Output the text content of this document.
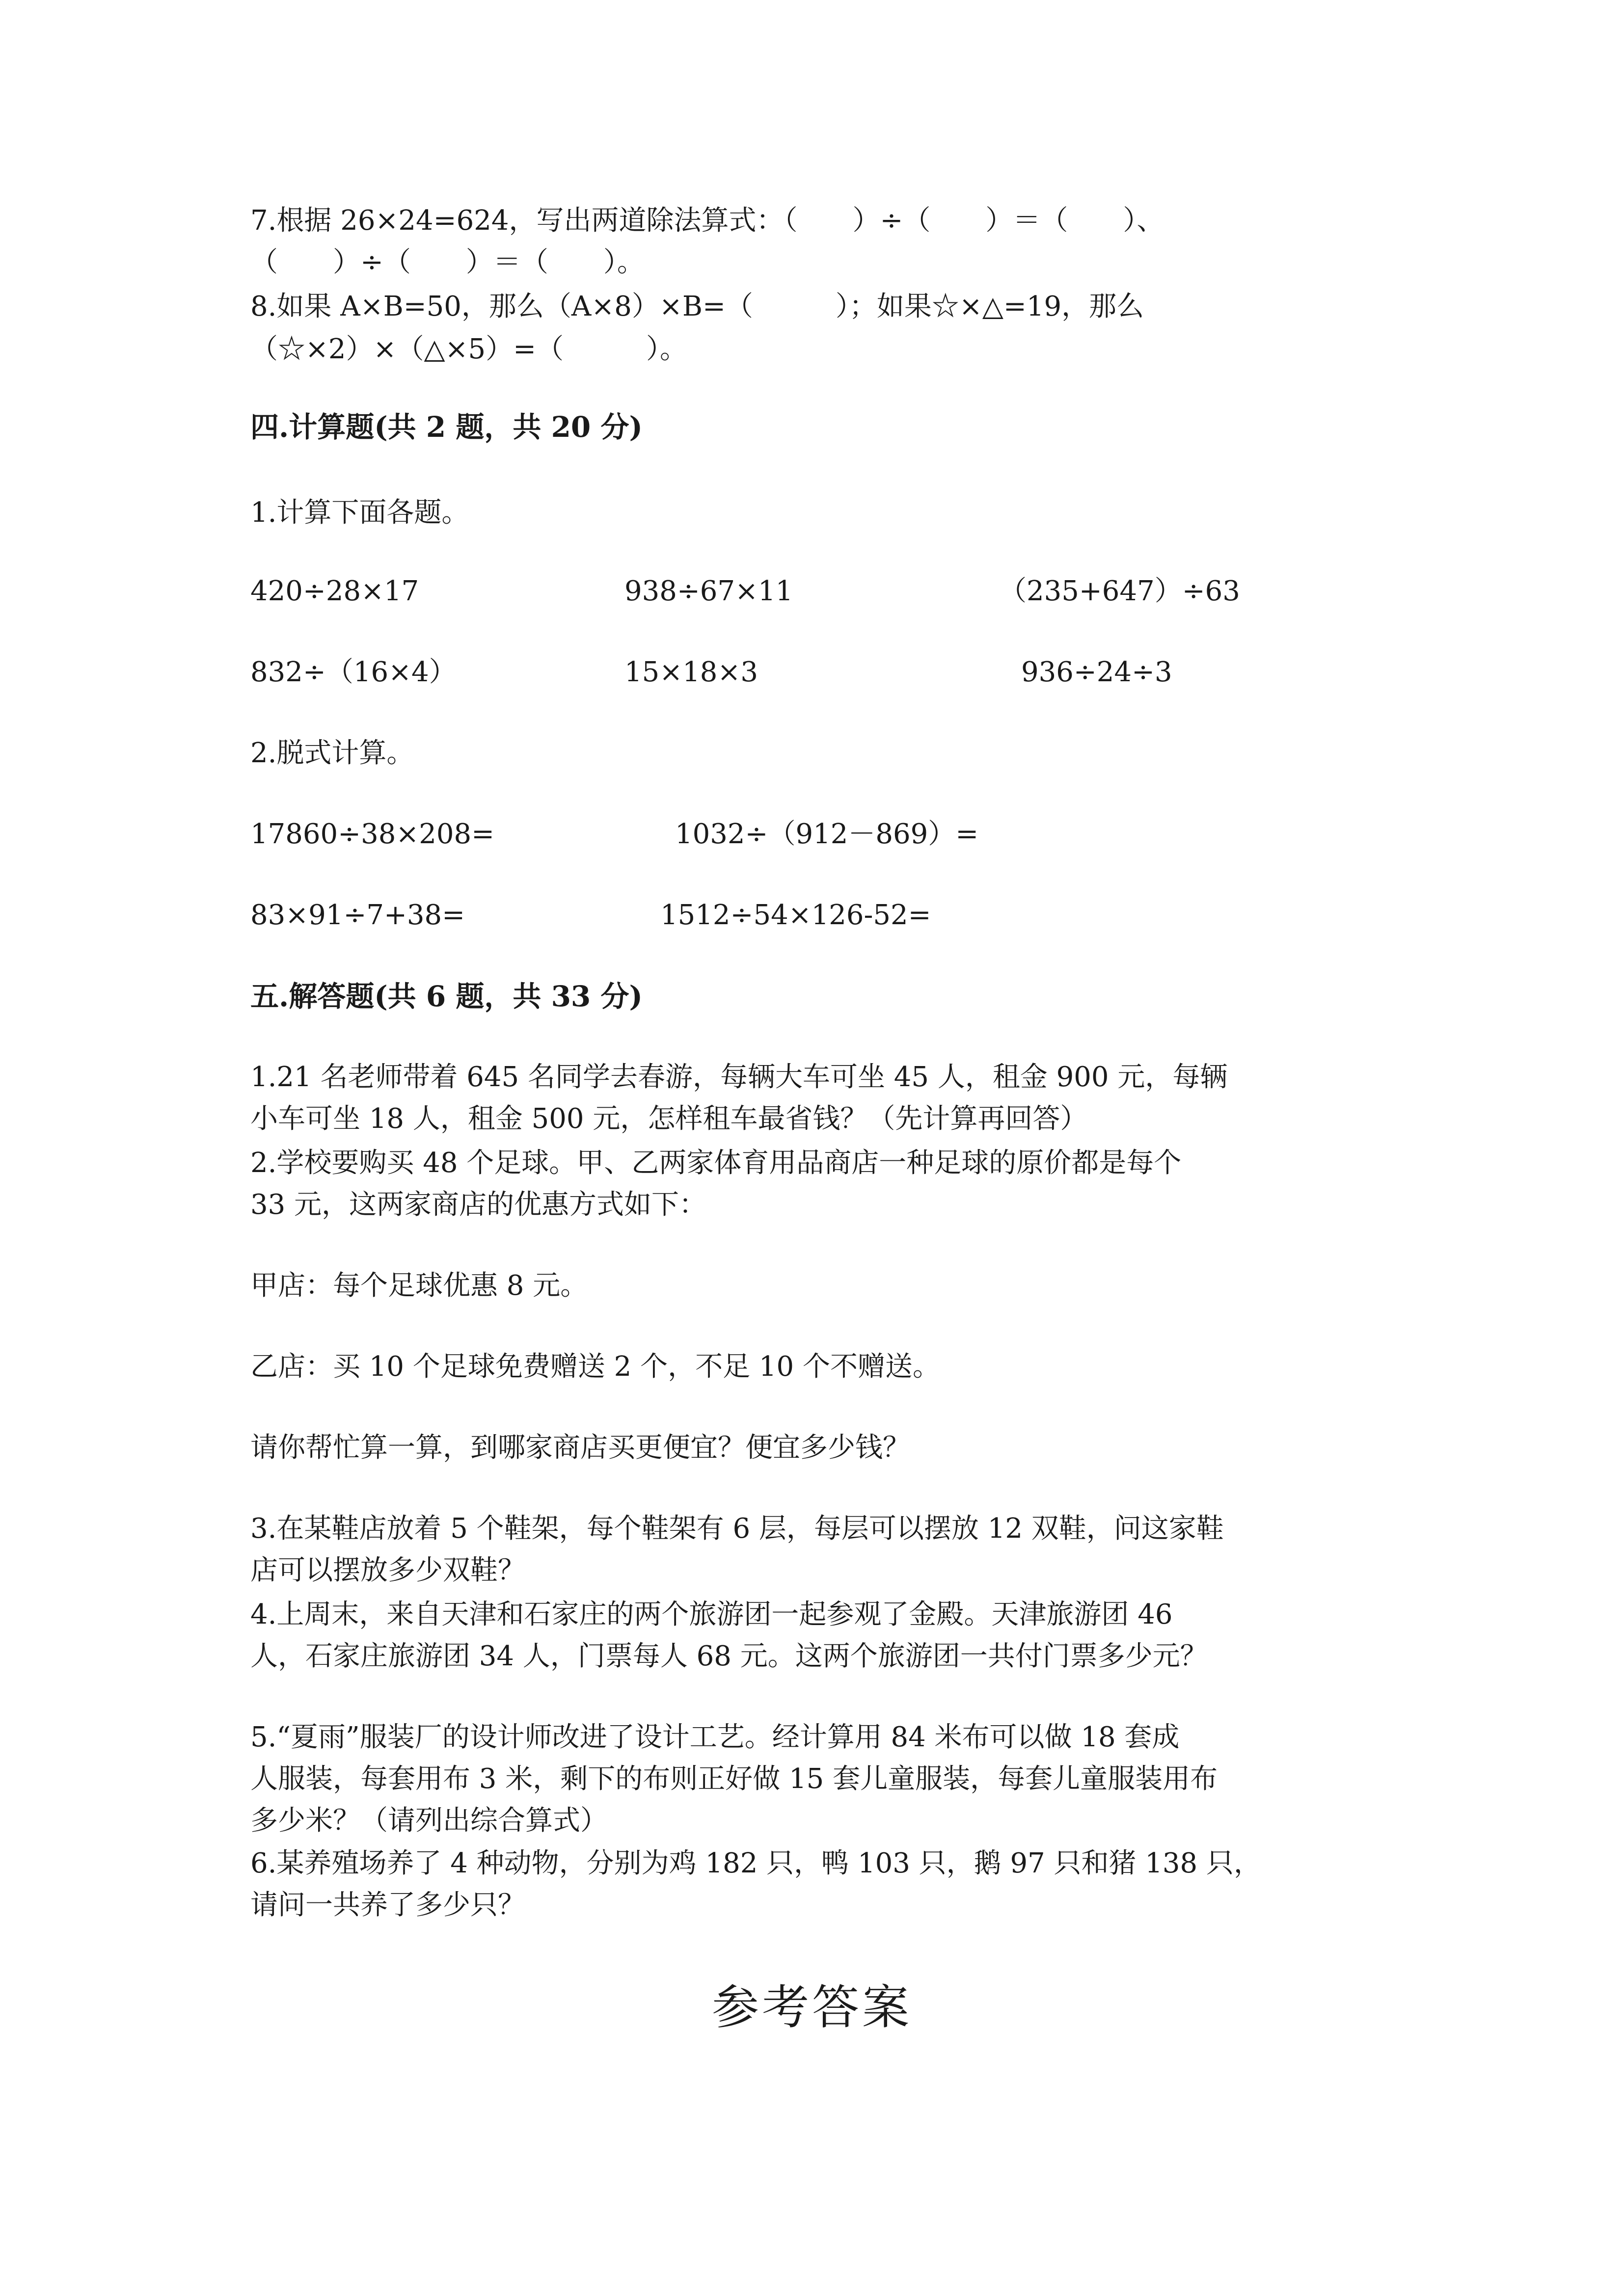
7.根据 26×24=624，写出两道除法算式：（　　）÷（　　）＝（　　）、
（　　）÷（　　）＝（　　）。
8.如果 A×B=50，那么（A×8）×B=（　　　）；如果☆×△=19，那么
（☆×2）×（△×5）=（　　　）。
四.计算题(共 2 题，共 20 分)
1.计算下面各题。
420÷28×17	938÷67×11	（235+647）÷63
832÷（16×4）	15×18×3	936÷24÷3
2.脱式计算。
17860÷38×208=	1032÷（912－869）=
83×91÷7+38=	1512÷54×126-52=
五.解答题(共 6 题，共 33 分)
1.21 名老师带着 645 名同学去春游，每辆大车可坐 45 人，租金 900 元，每辆
小车可坐 18 人，租金 500 元，怎样租车最省钱？（先计算再回答）
2.学校要购买 48 个足球。甲、乙两家体育用品商店一种足球的原价都是每个
33 元，这两家商店的优惠方式如下：
甲店：每个足球优惠 8 元。
乙店：买 10 个足球免费赠送 2 个，不足 10 个不赠送。
请你帮忙算一算，到哪家商店买更便宜？便宜多少钱？
3.在某鞋店放着 5 个鞋架，每个鞋架有 6 层，每层可以摆放 12 双鞋，问这家鞋
店可以摆放多少双鞋？
4.上周末，来自天津和石家庄的两个旅游团一起参观了金殿。天津旅游团 46
人，石家庄旅游团 34 人，门票每人 68 元。这两个旅游团一共付门票多少元？
5.“夏雨”服装厂的设计师改进了设计工艺。经计算用 84 米布可以做 18 套成
人服装，每套用布 3 米，剩下的布则正好做 15 套儿童服装，每套儿童服装用布
多少米？（请列出综合算式）
6.某养殖场养了 4 种动物，分别为鸡 182 只，鸭 103 只，鹅 97 只和猪 138 只，
请问一共养了多少只？
参考答案
